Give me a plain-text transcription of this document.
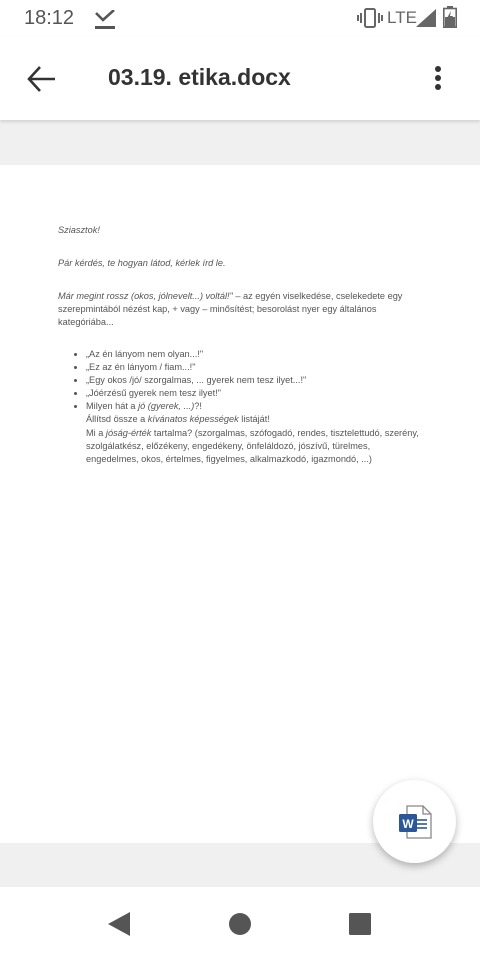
18:12	LTE
03.19. etika.docx
Sziasztok!
Pár kérdés, te hogyan látod, kérlek írd le.
Már megint rossz (okos, jólnevelt...) voltál!" – az egyén viselkedése, cselekedete egy szerepmintából nézést kap, + vagy – minősítést; besorolást nyer egy általános kategóriába...
• „Az én lányom nem olyan...!"
• „Ez az én lányom / fiam...!"
• „Egy okos /jó/ szorgalmas, ... gyerek nem tesz ilyet...!"
• „Jóérzésű gyerek nem tesz ilyet!"
• Milyen hát a jó (gyerek, ...)?!
Állítsd össze a kívánatos képességek listáját!
Mi a jóság-érték tartalma? (szorgalmas, szófogadó, rendes, tisztelettudó, szerény, szolgálatkész, előzékeny, engedékeny, önfeláldozó, jószívű, türelmes, engedelmes, okos, értelmes, figyelmes, alkalmazkodó, igazmondó, ...)
W
